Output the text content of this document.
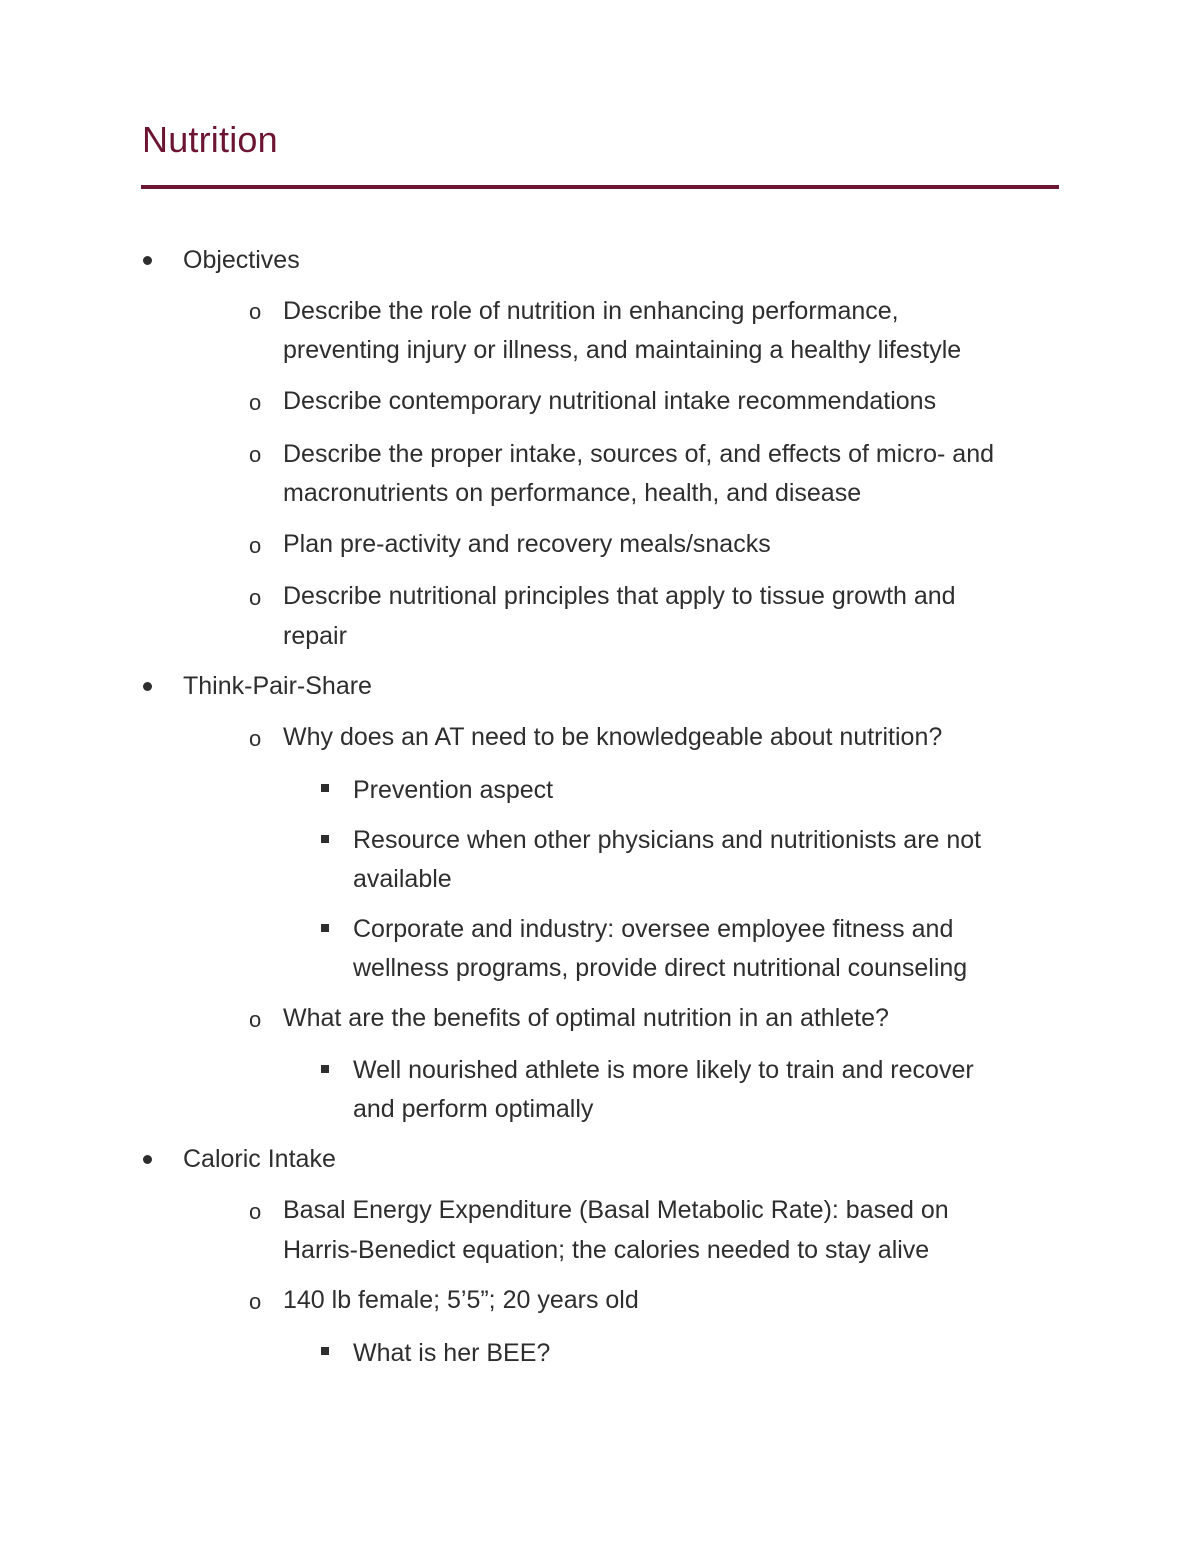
Nutrition
Objectives
o Describe the role of nutrition in enhancing performance,
preventing injury or illness, and maintaining a healthy lifestyle
o Describe contemporary nutritional intake recommendations
o Describe the proper intake, sources of, and effects of micro- and
macronutrients on performance, health, and disease
o Plan pre-activity and recovery meals/snacks
o Describe nutritional principles that apply to tissue growth and
repair
Think-Pair-Share
o Why does an AT need to be knowledgeable about nutrition?
Prevention aspect
Resource when other physicians and nutritionists are not
available
Corporate and industry: oversee employee fitness and
wellness programs, provide direct nutritional counseling
o What are the benefits of optimal nutrition in an athlete?
Well nourished athlete is more likely to train and recover
and perform optimally
Caloric Intake
o Basal Energy Expenditure (Basal Metabolic Rate): based on
Harris-Benedict equation; the calories needed to stay alive
o 140 lb female; 5’5”; 20 years old
What is her BEE?
